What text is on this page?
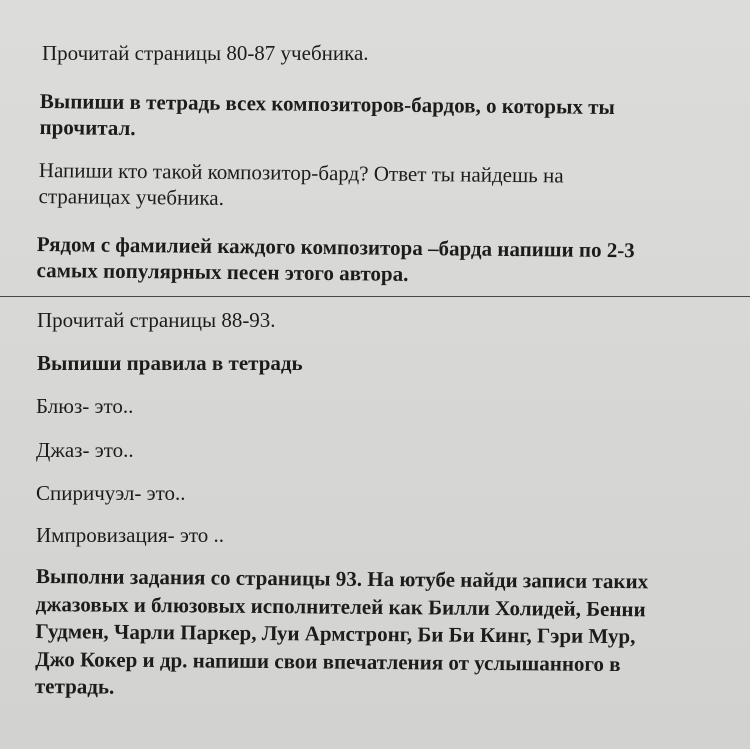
Прочитай страницы 80-87 учебника.

Выпиши в тетрадь всех композиторов-бардов, о которых ты
прочитал.

Напиши кто такой композитор-бард? Ответ ты найдешь на
страницах учебника.

Рядом с фамилией каждого композитора –барда напиши по 2-3
самых популярных песен этого автора.

Прочитай страницы 88-93.

Выпиши правила в тетрадь

Блюз- это..

Джаз- это..

Спиричуэл- это..

Импровизация- это ..

Выполни задания со страницы 93. На ютубе найди записи таких
джазовых и блюзовых исполнителей как Билли Холидей, Бенни
Гудмен, Чарли Паркер, Луи Армстронг, Би Би Кинг, Гэри Мур,
Джо Кокер и др. напиши свои впечатления от услышанного в
тетрадь.
